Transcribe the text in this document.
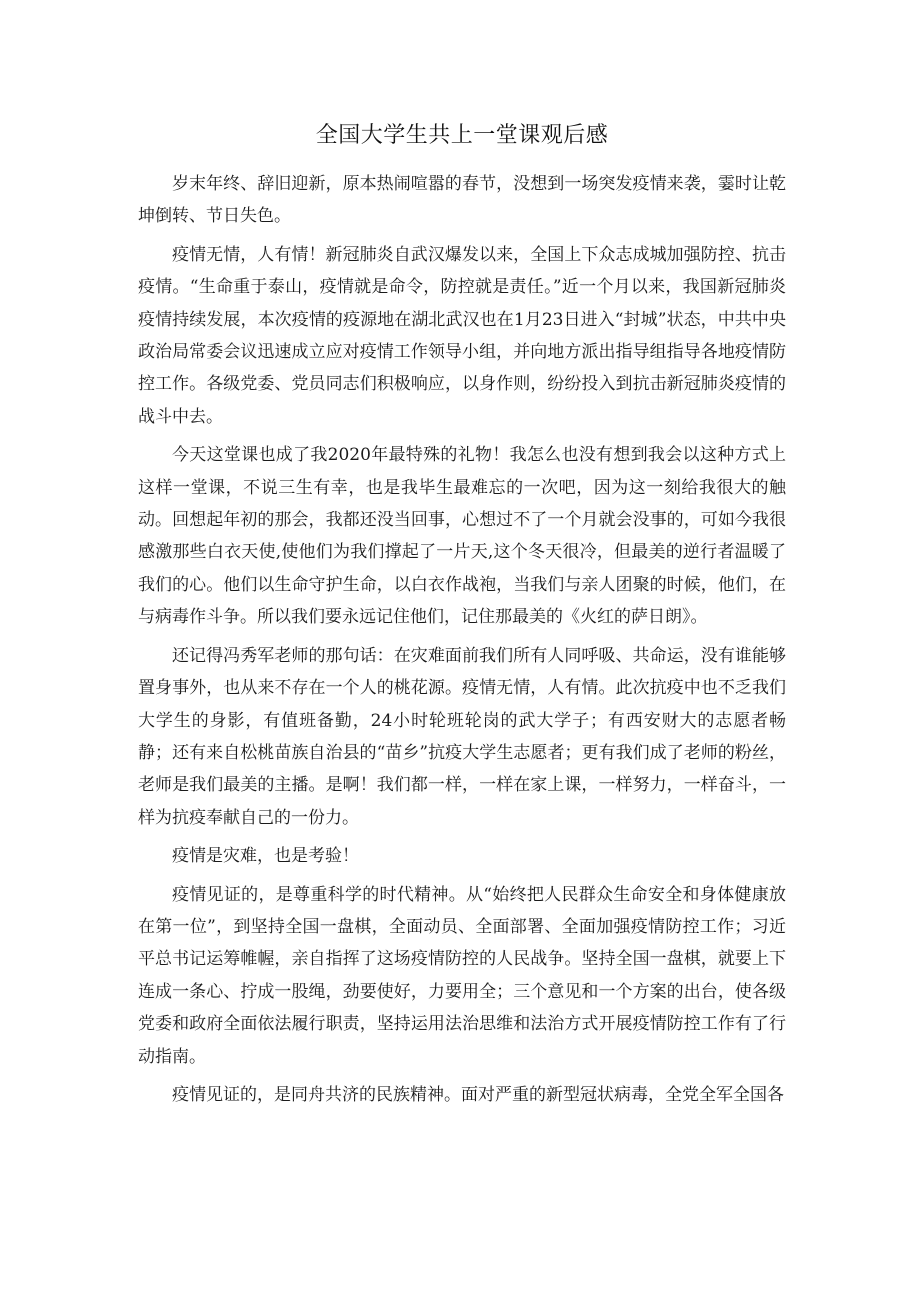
全国大学生共上一堂课观后感

岁末年终、辞旧迎新，原本热闹喧嚣的春节，没想到一场突发疫情来袭，霎时让乾坤倒转、节日失色。

疫情无情，人有情！新冠肺炎自武汉爆发以来，全国上下众志成城加强防控、抗击疫情。“生命重于泰山，疫情就是命令，防控就是责任。”近一个月以来，我国新冠肺炎疫情持续发展，本次疫情的疫源地在湖北武汉也在1月23日进入“封城”状态，中共中央政治局常委会议迅速成立应对疫情工作领导小组，并向地方派出指导组指导各地疫情防控工作。各级党委、党员同志们积极响应，以身作则，纷纷投入到抗击新冠肺炎疫情的战斗中去。

今天这堂课也成了我2020年最特殊的礼物！我怎么也没有想到我会以这种方式上这样一堂课，不说三生有幸，也是我毕生最难忘的一次吧，因为这一刻给我很大的触动。回想起年初的那会，我都还没当回事，心想过不了一个月就会没事的，可如今我很感激那些白衣天使,使他们为我们撑起了一片天,这个冬天很冷，但最美的逆行者温暖了我们的心。他们以生命守护生命，以白衣作战袍，当我们与亲人团聚的时候，他们，在与病毒作斗争。所以我们要永远记住他们，记住那最美的《火红的萨日朗》。

还记得冯秀军老师的那句话：在灾难面前我们所有人同呼吸、共命运，没有谁能够置身事外，也从来不存在一个人的桃花源。疫情无情，人有情。此次抗疫中也不乏我们大学生的身影，有值班备勤，24小时轮班轮岗的武大学子；有西安财大的志愿者畅静；还有来自松桃苗族自治县的“苗乡”抗疫大学生志愿者；更有我们成了老师的粉丝，老师是我们最美的主播。是啊！我们都一样，一样在家上课，一样努力，一样奋斗，一样为抗疫奉献自己的一份力。

疫情是灾难，也是考验！

疫情见证的，是尊重科学的时代精神。从“始终把人民群众生命安全和身体健康放在第一位”，到坚持全国一盘棋，全面动员、全面部署、全面加强疫情防控工作；习近平总书记运筹帷幄，亲自指挥了这场疫情防控的人民战争。坚持全国一盘棋，就要上下连成一条心、拧成一股绳，劲要使好，力要用全；三个意见和一个方案的出台，使各级党委和政府全面依法履行职责，坚持运用法治思维和法治方式开展疫情防控工作有了行动指南。

疫情见证的，是同舟共济的民族精神。面对严重的新型冠状病毒，全党全军全国各
